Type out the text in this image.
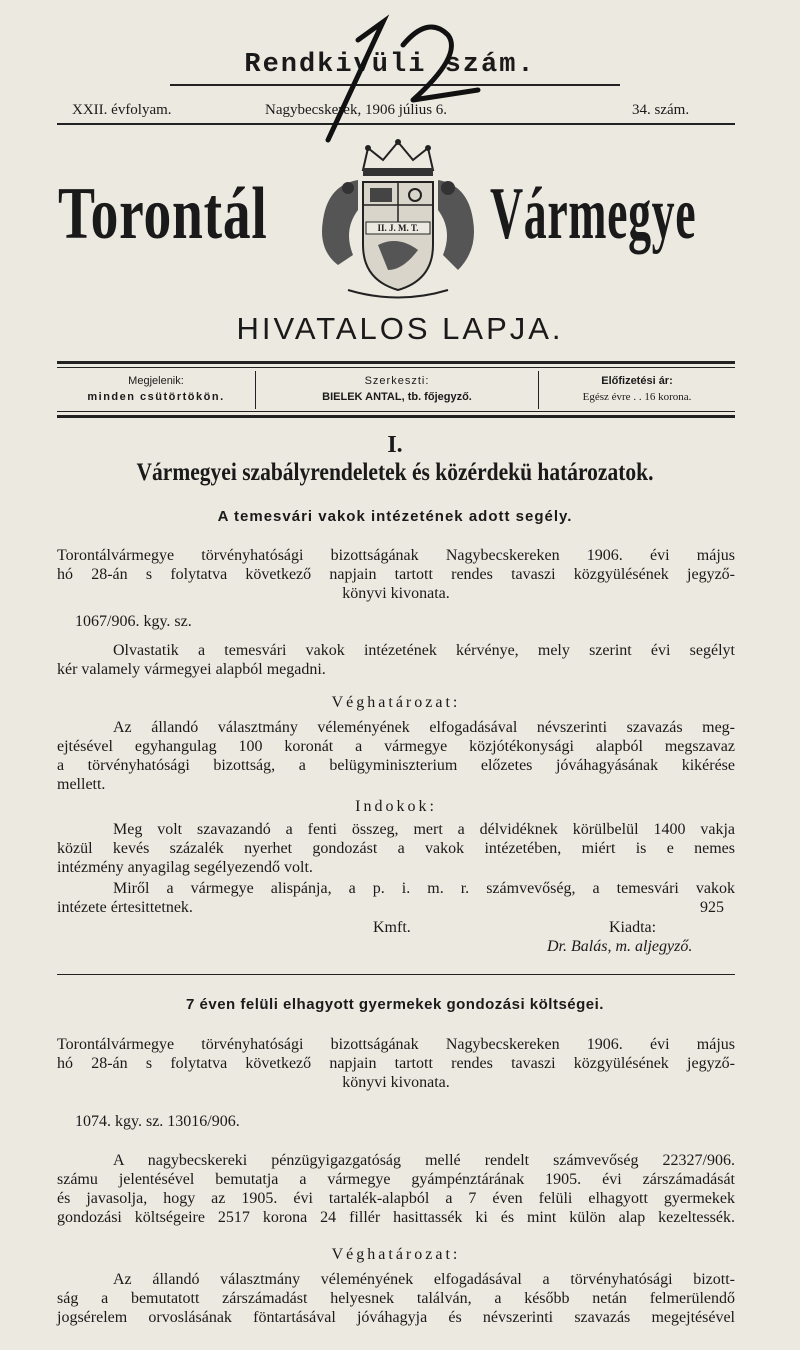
Rendkivüli szám.
XXII. évfolyam.	Nagybecskerek, 1906 július 6.	34. szám.
Torontál	Vármegye
II. J. M. T.
HIVATALOS LAPJA.
Megjelenik:
minden csütörtökön.
Szerkeszti:
BIELEK ANTAL, tb. főjegyző.
Előfizetési ár:
Egész évre . . 16 korona.
I.
Vármegyei szabályrendeletek és közérdekü határozatok.
A temesvári vakok intézetének adott segély.
Torontálvármegye törvényhatósági bizottságának Nagybecskereken 1906. évi május
hó 28-án s folytatva következő napjain tartott rendes tavaszi közgyülésének jegyző-
könyvi kivonata.
1067/906. kgy. sz.
Olvastatik a temesvári vakok intézetének kérvénye, mely szerint évi segélyt
kér valamely vármegyei alapból megadni.
Véghatározat:
Az állandó választmány véleményének elfogadásával névszerinti szavazás meg-
ejtésével egyhangulag 100 koronát a vármegye közjótékonysági alapból megszavaz
a törvényhatósági bizottság, a belügyminiszterium előzetes jóváhagyásának kikérése
mellett.
Indokok:
Meg volt szavazandó a fenti összeg, mert a délvidéknek körülbelül 1400 vakja
közül kevés százalék nyerhet gondozást a vakok intézetében, miért is e nemes
intézmény anyagilag segélyezendő volt.
Miről a vármegye alispánja, a p. i. m. r. számvevőség, a temesvári vakok
intézete értesittetnek.	925
Kmft.	Kiadta:
Dr. Balás, m. aljegyző.
7 éven felüli elhagyott gyermekek gondozási költségei.
Torontálvármegye törvényhatósági bizottságának Nagybecskereken 1906. évi május
hó 28-án s folytatva következő napjain tartott rendes tavaszi közgyülésének jegyző-
könyvi kivonata.
1074. kgy. sz. 13016/906.
A nagybecskereki pénzügyigazgatóság mellé rendelt számvevőség 22327/906.
számu jelentésével bemutatja a vármegye gyámpénztárának 1905. évi zárszámadását
és javasolja, hogy az 1905. évi tartalék-alapból a 7 éven felüli elhagyott gyermekek
gondozási költségeire 2517 korona 24 fillér hasittassék ki és mint külön alap kezeltessék.
Véghatározat:
Az állandó választmány véleményének elfogadásával a törvényhatósági bizott-
ság a bemutatott zárszámadást helyesnek találván, a később netán felmerülendő
jogsérelem orvoslásának föntartásával jóváhagyja és névszerinti szavazás megejtésével
